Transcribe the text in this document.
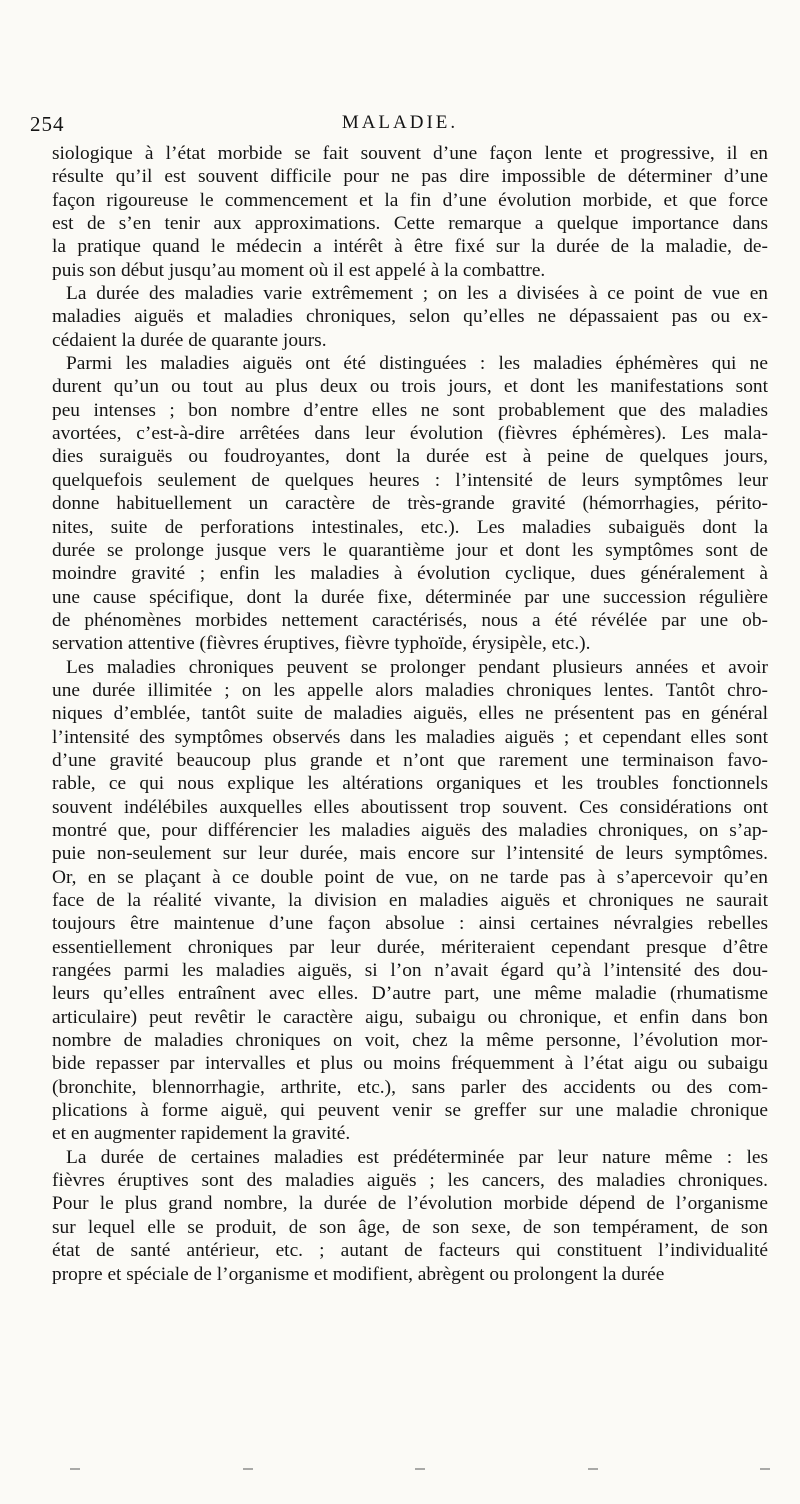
254	MALADIE.

siologique à l’état morbide se fait souvent d’une façon lente et progressive, il en
résulte qu’il est souvent difficile pour ne pas dire impossible de déterminer d’une
façon rigoureuse le commencement et la fin d’une évolution morbide, et que force
est de s’en tenir aux approximations. Cette remarque a quelque importance dans
la pratique quand le médecin a intérêt à être fixé sur la durée de la maladie, de-
puis son début jusqu’au moment où il est appelé à la combattre.

La durée des maladies varie extrêmement ; on les a divisées à ce point de vue en
maladies aiguës et maladies chroniques, selon qu’elles ne dépassaient pas ou ex-
cédaient la durée de quarante jours.

Parmi les maladies aiguës ont été distinguées : les maladies éphémères qui ne
durent qu’un ou tout au plus deux ou trois jours, et dont les manifestations sont
peu intenses ; bon nombre d’entre elles ne sont probablement que des maladies
avortées, c’est-à-dire arrêtées dans leur évolution (fièvres éphémères). Les mala-
dies suraiguës ou foudroyantes, dont la durée est à peine de quelques jours,
quelquefois seulement de quelques heures : l’intensité de leurs symptômes leur
donne habituellement un caractère de très-grande gravité (hémorrhagies, périto-
nites, suite de perforations intestinales, etc.). Les maladies subaiguës dont la
durée se prolonge jusque vers le quarantième jour et dont les symptômes sont de
moindre gravité ; enfin les maladies à évolution cyclique, dues généralement à
une cause spécifique, dont la durée fixe, déterminée par une succession régulière
de phénomènes morbides nettement caractérisés, nous a été révélée par une ob-
servation attentive (fièvres éruptives, fièvre typhoïde, érysipèle, etc.).

Les maladies chroniques peuvent se prolonger pendant plusieurs années et avoir
une durée illimitée ; on les appelle alors maladies chroniques lentes. Tantôt chro-
niques d’emblée, tantôt suite de maladies aiguës, elles ne présentent pas en général
l’intensité des symptômes observés dans les maladies aiguës ; et cependant elles sont
d’une gravité beaucoup plus grande et n’ont que rarement une terminaison favo-
rable, ce qui nous explique les altérations organiques et les troubles fonctionnels
souvent indélébiles auxquelles elles aboutissent trop souvent. Ces considérations ont
montré que, pour différencier les maladies aiguës des maladies chroniques, on s’ap-
puie non-seulement sur leur durée, mais encore sur l’intensité de leurs symptômes.
Or, en se plaçant à ce double point de vue, on ne tarde pas à s’apercevoir qu’en
face de la réalité vivante, la division en maladies aiguës et chroniques ne saurait
toujours être maintenue d’une façon absolue : ainsi certaines névralgies rebelles
essentiellement chroniques par leur durée, mériteraient cependant presque d’être
rangées parmi les maladies aiguës, si l’on n’avait égard qu’à l’intensité des dou-
leurs qu’elles entraînent avec elles. D’autre part, une même maladie (rhumatisme
articulaire) peut revêtir le caractère aigu, subaigu ou chronique, et enfin dans bon
nombre de maladies chroniques on voit, chez la même personne, l’évolution mor-
bide repasser par intervalles et plus ou moins fréquemment à l’état aigu ou subaigu
(bronchite, blennorrhagie, arthrite, etc.), sans parler des accidents ou des com-
plications à forme aiguë, qui peuvent venir se greffer sur une maladie chronique
et en augmenter rapidement la gravité.

La durée de certaines maladies est prédéterminée par leur nature même : les
fièvres éruptives sont des maladies aiguës ; les cancers, des maladies chroniques.
Pour le plus grand nombre, la durée de l’évolution morbide dépend de l’organisme
sur lequel elle se produit, de son âge, de son sexe, de son tempérament, de son
état de santé antérieur, etc. ; autant de facteurs qui constituent l’individualité
propre et spéciale de l’organisme et modifient, abrègent ou prolongent la durée
